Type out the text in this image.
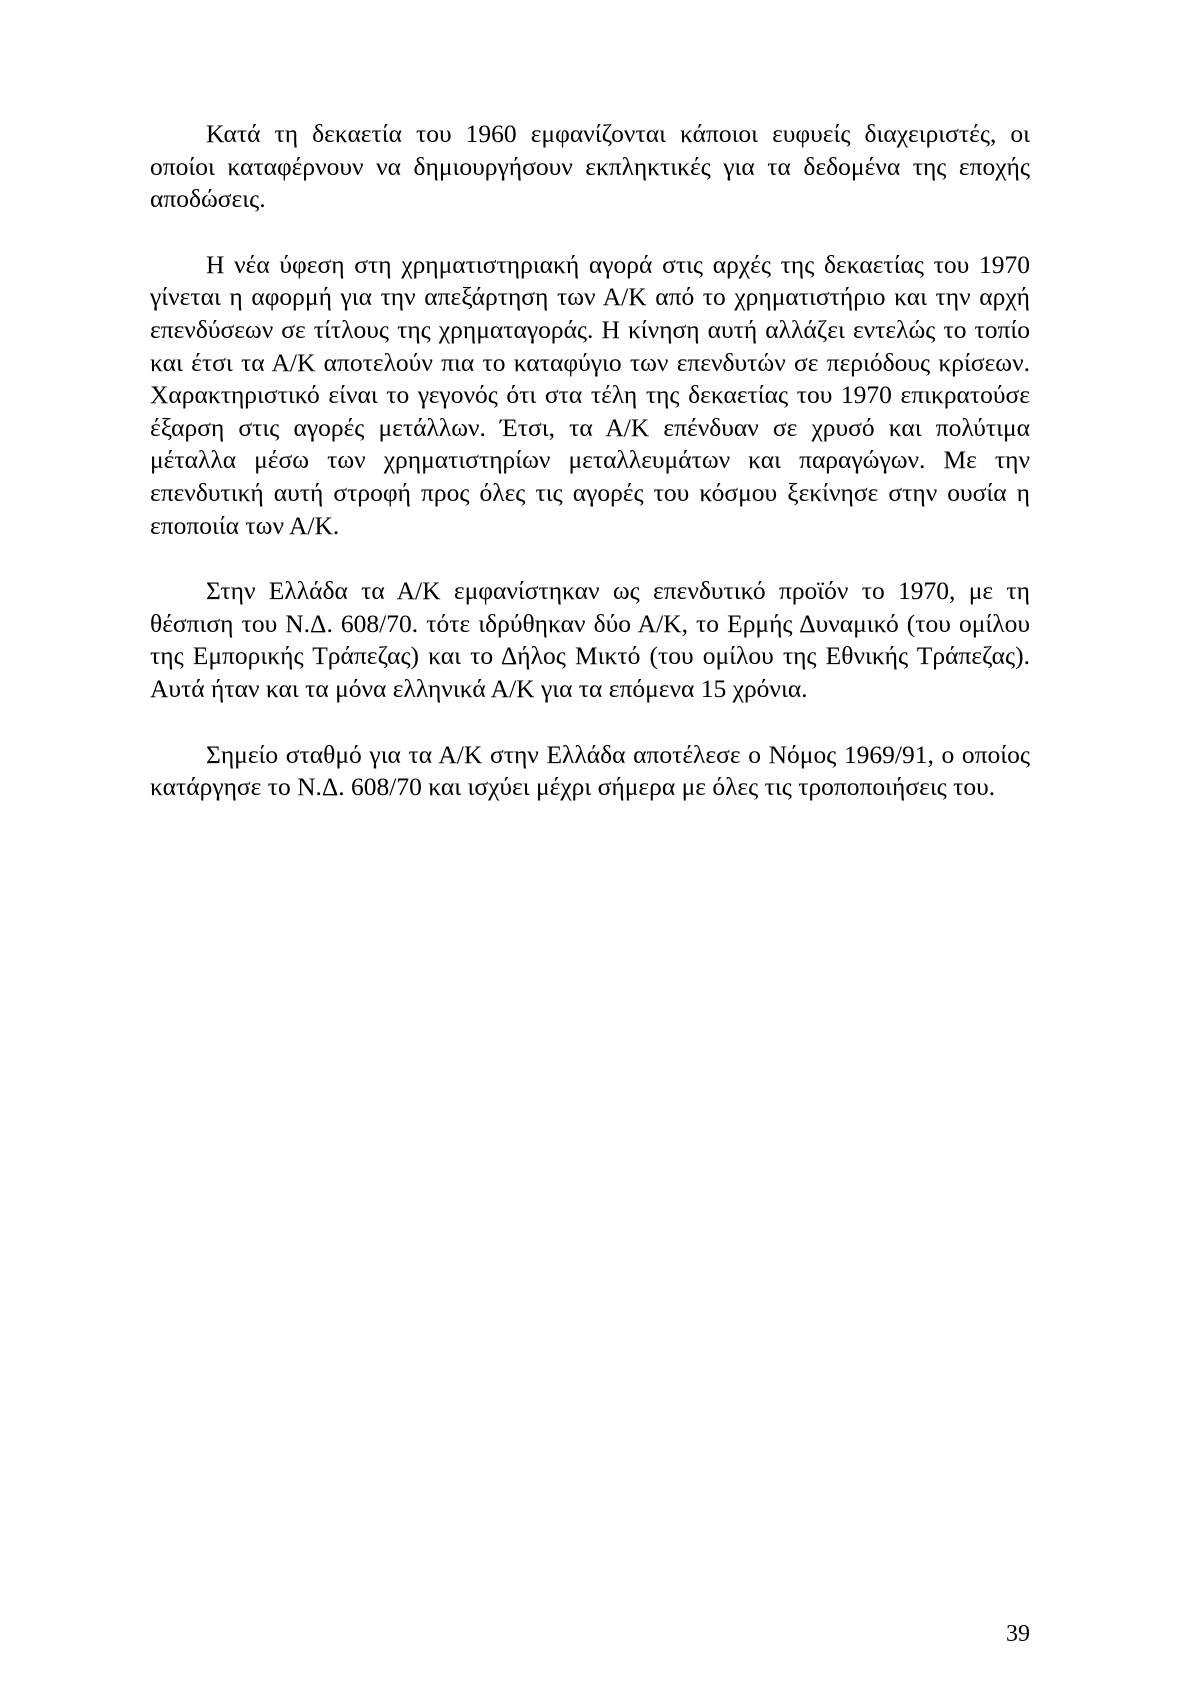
Κατά τη δεκαετία του 1960 εμφανίζονται κάποιοι ευφυείς διαχειριστές, οι οποίοι καταφέρνουν να δημιουργήσουν εκπληκτικές για τα δεδομένα της εποχής αποδώσεις.

Η νέα ύφεση στη χρηματιστηριακή αγορά στις αρχές της δεκαετίας του 1970 γίνεται η αφορμή για την απεξάρτηση των Α/Κ από το χρηματιστήριο και την αρχή επενδύσεων σε τίτλους της χρηματαγοράς. Η κίνηση αυτή αλλάζει εντελώς το τοπίο και έτσι τα Α/Κ αποτελούν πια το καταφύγιο των επενδυτών σε περιόδους κρίσεων. Χαρακτηριστικό είναι το γεγονός ότι στα τέλη της δεκαετίας του 1970 επικρατούσε έξαρση στις αγορές μετάλλων. Έτσι, τα Α/Κ επένδυαν σε χρυσό και πολύτιμα μέταλλα μέσω των χρηματιστηρίων μεταλλευμάτων και παραγώγων. Με την επενδυτική αυτή στροφή προς όλες τις αγορές του κόσμου ξεκίνησε στην ουσία η εποποιία των Α/Κ.

Στην Ελλάδα τα Α/Κ εμφανίστηκαν ως επενδυτικό προϊόν το 1970, με τη θέσπιση του Ν.Δ. 608/70. τότε ιδρύθηκαν δύο Α/Κ, το Ερμής Δυναμικό (του ομίλου της Εμπορικής Τράπεζας) και το Δήλος Μικτό (του ομίλου της Εθνικής Τράπεζας). Αυτά ήταν και τα μόνα ελληνικά Α/Κ για τα επόμενα 15 χρόνια.

Σημείο σταθμό για τα Α/Κ στην Ελλάδα αποτέλεσε ο Νόμος 1969/91, ο οποίος κατάργησε το Ν.Δ. 608/70 και ισχύει μέχρι σήμερα με όλες τις τροποποιήσεις του.

39
